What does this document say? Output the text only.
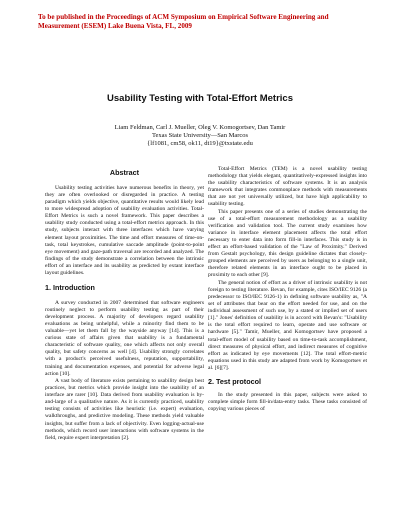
To be published in the Proceedings of ACM Symposium on Empirical Software Engineering and Measurement (ESEM) Lake Buena Vista, FL, 2009
Usability Testing with Total-Effort Metrics
Liam Feldman, Carl J. Mueller, Oleg V. Komogortsev, Dan Tamir
Texas State University—San Marcos
{lf1081, cm58, ok11, dt19}@txstate.edu
Abstract

Usability testing activities have numerous benefits in theory, yet they are often overlooked or disregarded in practice. A testing paradigm which yields objective, quantitative results would likely lead to more widespread adoption of usability evaluation activities. Total-Effort Metrics is such a novel framework. This paper describes a usability study conducted using a total-effort metrics approach. In this study, subjects interact with three interfaces which have varying element layout proximities. The time and effort measures of time-on-task, total keystrokes, cumulative saccade amplitude (point-to-point eye movement) and gaze-path traversal are recorded and analyzed. The findings of the study demonstrate a correlation between the intrinsic effort of an interface and its usability as predicted by extant interface layout guidelines.

1. Introduction

A survey conducted in 2007 determined that software engineers routinely neglect to perform usability testing as part of their development process. A majority of developers regard usability evaluations as being unhelpful, while a minority find them to be valuable—yet let them fall by the wayside anyway [14]. This is a curious state of affairs given that usability is a fundamental characteristic of software quality, one which affects not only overall quality, but safety concerns as well [4]. Usability strongly correlates with a product's perceived usefulness, reputation, supportability, training and documentation expenses, and potential for adverse legal action [10].

A vast body of literature exists pertaining to usability design best practices, but metrics which provide insight into the usability of an interface are rarer [10]. Data derived from usability evaluation is by-and-large of a qualitative nature. As it is currently practiced, usability testing consists of activities like heuristic (i.e. expert) evaluation, walkthroughs, and predictive modeling. These methods yield valuable insights, but suffer from a lack of objectivity. Even logging-actual-use methods, which record user interactions with software systems in the field, require expert interpretation [2].

Total-Effort Metrics (TEM) is a novel usability testing methodology that yields elegant, quantitatively-expressed insights into the usability characteristics of software systems. It is an analysis framework that integrates commonplace methods with measurements that are not yet universally utilized, but have high applicability to usability testing.

This paper presents one of a series of studies demonstrating the use of a total-effort measurement methodology as a usability verification and validation tool. The current study examines how variance in interface element placement affects the total effort necessary to enter data into form fill-in interfaces. This study is in effect an effort-based validation of the "Law of Proximity." Derived from Gestalt psychology, this design guideline dictates that closely-grouped elements are perceived by users as belonging to a single unit, therefore related elements in an interface ought to be placed in proximity to each other [9].

The general notion of effort as a driver of intrinsic usability is not foreign to testing literature. Bevan, for example, cites ISO/IEC 9126 (a predecessor to ISO/IEC 9126-1) in defining software usability as, "A set of attributes that bear on the effort needed for use, and on the individual assessment of such use, by a stated or implied set of users [1]." Jones' definition of usability is in accord with Bevan's: "Usability is the total effort required to learn, operate and use software or hardware [5]." Tamir, Mueller, and Komogortsev have proposed a total-effort model of usability based on time-to-task accomplishment, direct measures of physical effort, and indirect measures of cognitive effort as indicated by eye movements [12]. The total effort-metric equations used in this study are adapted from work by Komogortsev et al. [6][7].

2. Test protocol

In the study presented in this paper, subjects were asked to complete simple form fill-in/data-entry tasks. These tasks consisted of copying various pieces of
